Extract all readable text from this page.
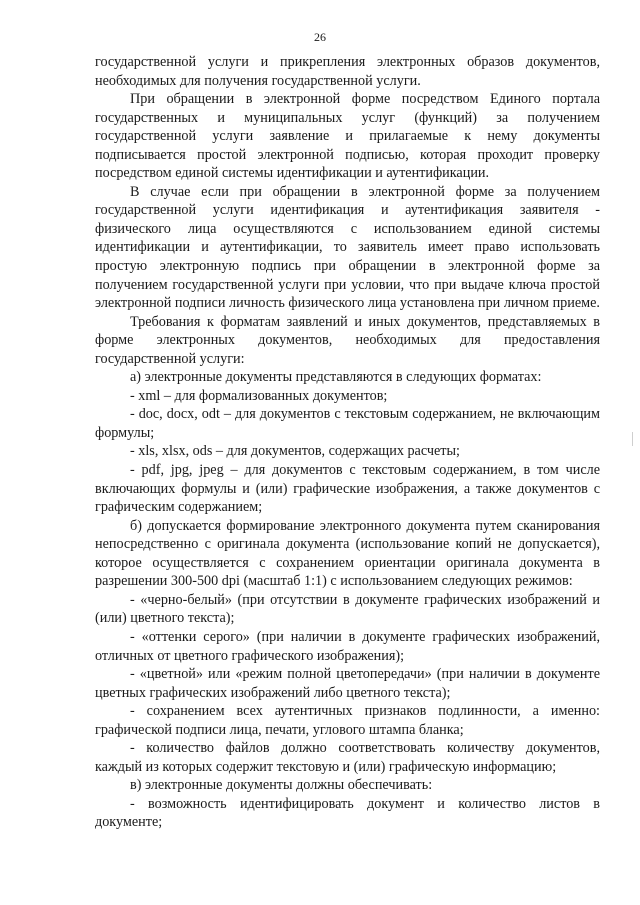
26

государственной услуги и прикрепления электронных образов документов, необходимых для получения государственной услуги.

При обращении в электронной форме посредством Единого портала государственных и муниципальных услуг (функций) за получением государственной услуги заявление и прилагаемые к нему документы подписывается простой электронной подписью, которая проходит проверку посредством единой системы идентификации и аутентификации.

В случае если при обращении в электронной форме за получением государственной услуги идентификация и аутентификация заявителя - физического лица осуществляются с использованием единой системы идентификации и аутентификации, то заявитель имеет право использовать простую электронную подпись при обращении в электронной форме за получением государственной услуги при условии, что при выдаче ключа простой электронной подписи личность физического лица установлена при личном приеме.

Требования к форматам заявлений и иных документов, представляемых в форме электронных документов, необходимых для предоставления государственной услуги:

а) электронные документы представляются в следующих форматах:

- xml – для формализованных документов;

- doc, docx, odt – для документов с текстовым содержанием, не включающим формулы;

- xls, xlsx, ods – для документов, содержащих расчеты;

- pdf, jpg, jpeg – для документов с текстовым содержанием, в том числе включающих формулы и (или) графические изображения, а также документов с графическим содержанием;

б) допускается формирование электронного документа путем сканирования непосредственно с оригинала документа (использование копий не допускается), которое осуществляется с сохранением ориентации оригинала документа в разрешении 300-500 dpi (масштаб 1:1) с использованием следующих режимов:

- «черно-белый» (при отсутствии в документе графических изображений и (или) цветного текста);

- «оттенки серого» (при наличии в документе графических изображений, отличных от цветного графического изображения);

- «цветной» или «режим полной цветопередачи» (при наличии в документе цветных графических изображений либо цветного текста);

- сохранением всех аутентичных признаков подлинности, а именно: графической подписи лица, печати, углового штампа бланка;

- количество файлов должно соответствовать количеству документов, каждый из которых содержит текстовую и (или) графическую информацию;

в) электронные документы должны обеспечивать:

- возможность идентифицировать документ и количество листов в документе;
